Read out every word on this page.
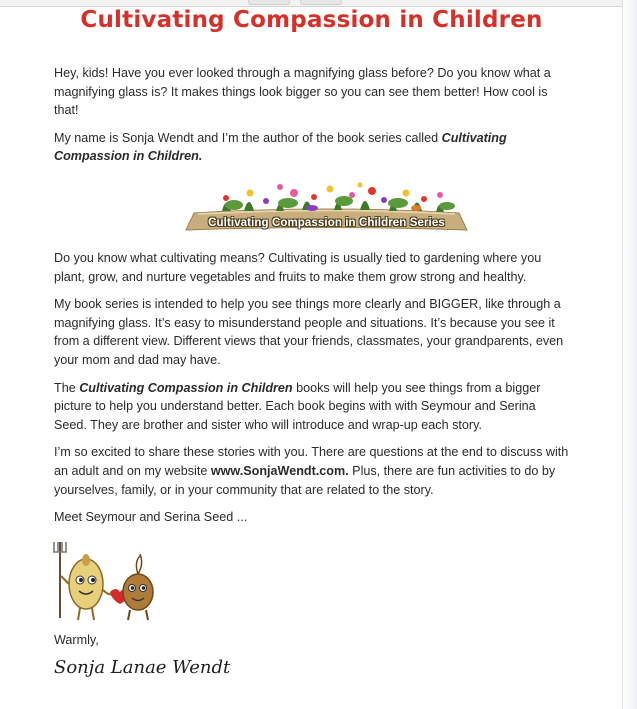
Cultivating Compassion in Children

Hey, kids! Have you ever looked through a magnifying glass before? Do you know what a magnifying glass is? It makes things look bigger so you can see them better! How cool is that!

My name is Sonja Wendt and I’m the author of the book series called Cultivating Compassion in Children.

Cultivating Compassion in Children Series

Do you know what cultivating means? Cultivating is usually tied to gardening where you plant, grow, and nurture vegetables and fruits to make them grow strong and healthy.

My book series is intended to help you see things more clearly and BIGGER, like through a magnifying glass. It’s easy to misunderstand people and situations. It’s because you see it from a different view. Different views that your friends, classmates, your grandparents, even your mom and dad may have.

The Cultivating Compassion in Children books will help you see things from a bigger picture to help you understand better. Each book begins with with Seymour and Serina Seed. They are brother and sister who will introduce and wrap-up each story.

I’m so excited to share these stories with you. There are questions at the end to discuss with an adult and on my website www.SonjaWendt.com. Plus, there are fun activities to do by yourselves, family, or in your community that are related to the story.

Meet Seymour and Serina Seed ...

Warmly,

Sonja Lanae Wendt
